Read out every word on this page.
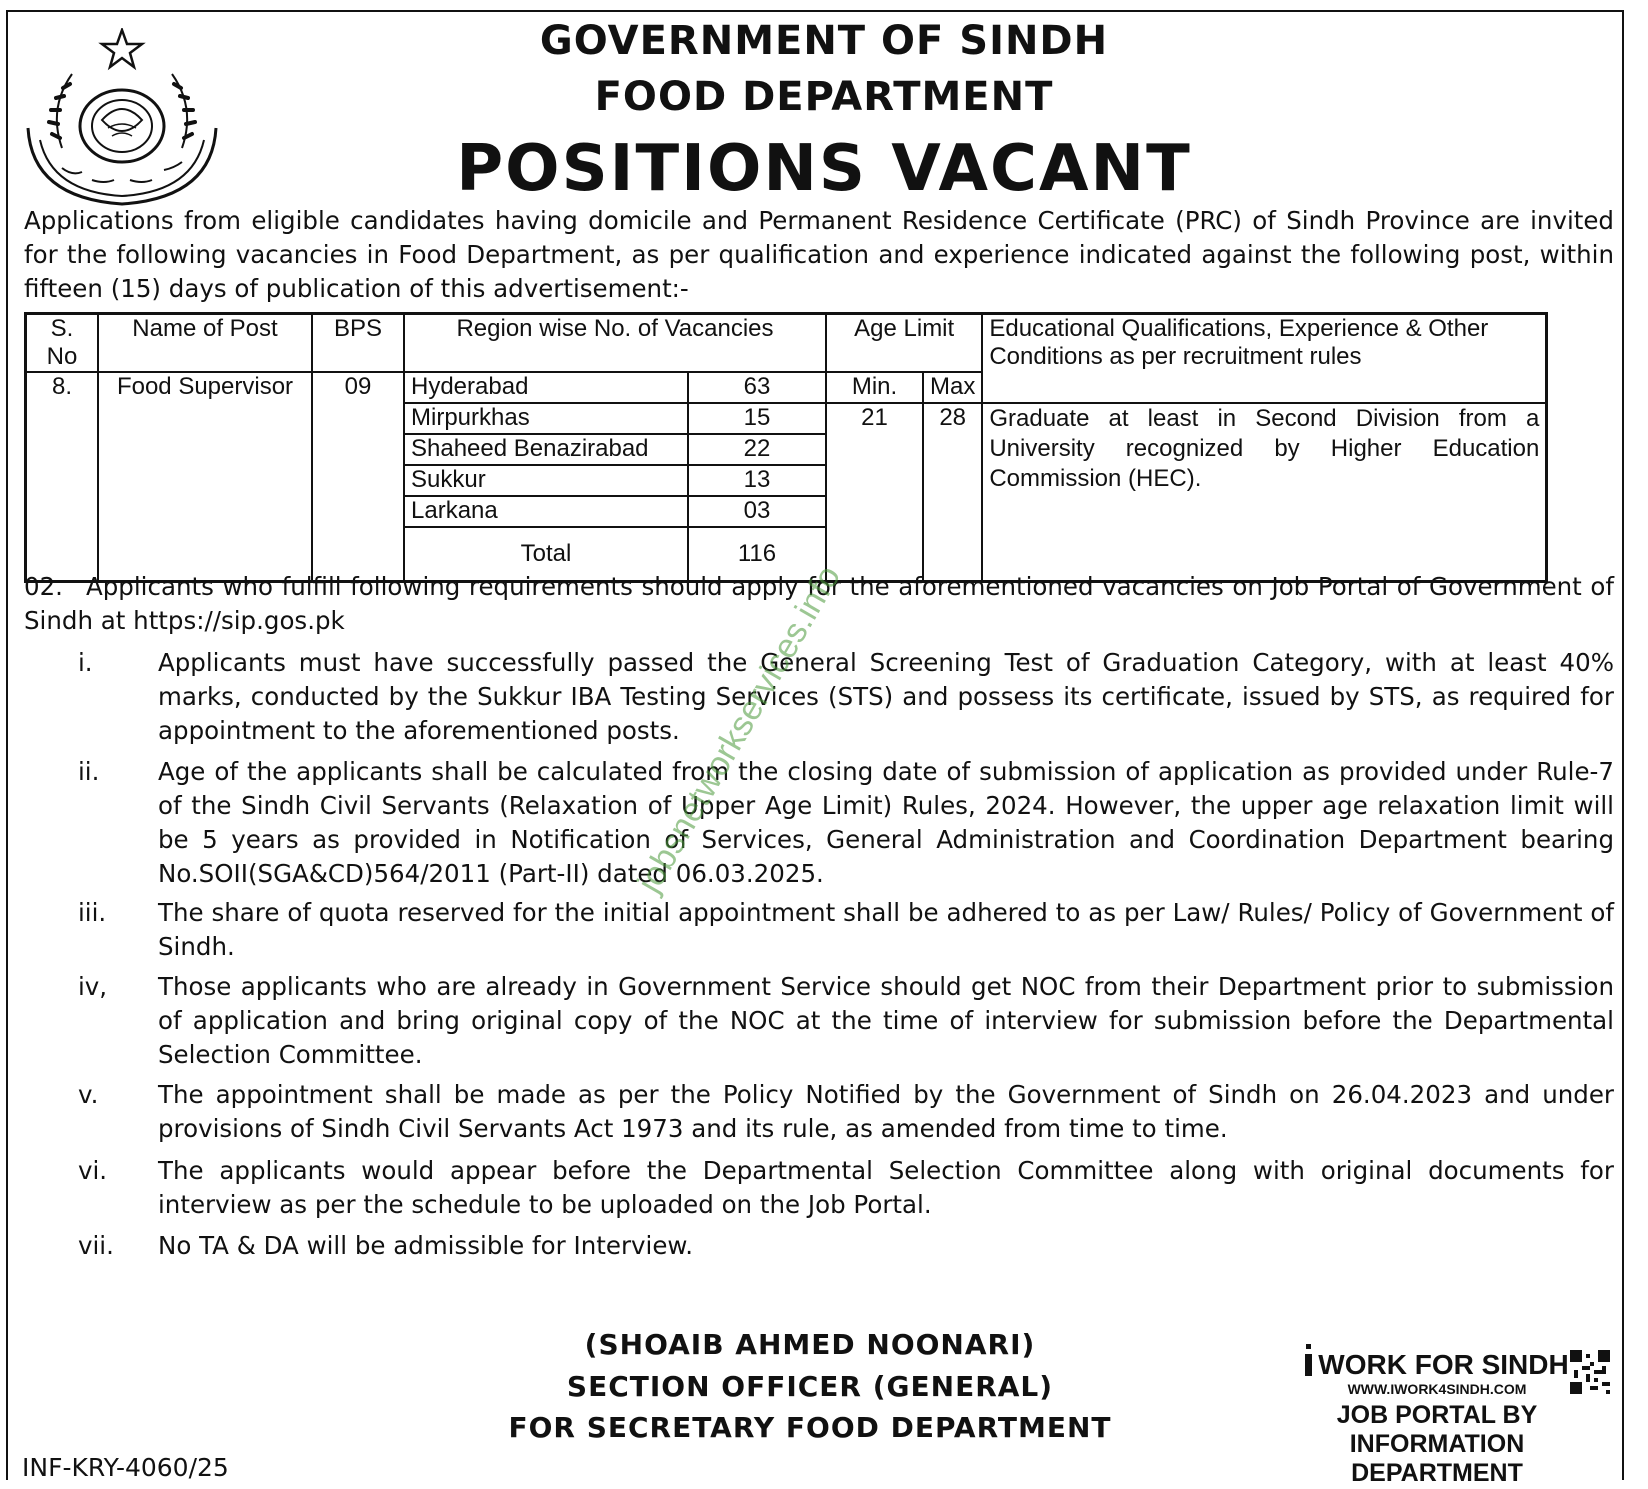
GOVERNMENT OF SINDH
FOOD DEPARTMENT
POSITIONS VACANT
Applications from eligible candidates having domicile and Permanent Residence Certificate (PRC) of Sindh Province are invited for the following vacancies in Food Department, as per qualification and experience indicated against the following post, within fifteen (15) days of publication of this advertisement:-
S. No	Name of Post	BPS	Region wise No. of Vacancies		Age Limit		Educational Qualifications, Experience & Other Conditions as per recruitment rules
8.	Food Supervisor	09	Hyderabad	63	Min.	Max	
			Mirpurkhas	15	21	28	Graduate at least in Second Division from a University recognized by Higher Education Commission (HEC).
			Shaheed Benazirabad	22			
			Sukkur	13			
			Larkana	03			
			Total	116			
02. Applicants who fulfill following requirements should apply for the aforementioned vacancies on Job Portal of Government of Sindh at https://sip.gos.pk
i.	Applicants must have successfully passed the General Screening Test of Graduation Category, with at least 40% marks, conducted by the Sukkur IBA Testing Services (STS) and possess its certificate, issued by STS, as required for appointment to the aforementioned posts.
ii. Age of the applicants shall be calculated from the closing date of submission of application as provided under Rule-7 of the Sindh Civil Servants (Relaxation of Upper Age Limit) Rules, 2024. However, the upper age relaxation limit will be 5 years as provided in Notification of Services, General Administration and Coordination Department bearing No.SOII(SGA&CD)564/2011 (Part-II) dated 06.03.2025.
iii. The share of quota reserved for the initial appointment shall be adhered to as per Law/ Rules/ Policy of Government of Sindh.
iv, Those applicants who are already in Government Service should get NOC from their Department prior to submission of application and bring original copy of the NOC at the time of interview for submission before the Departmental Selection Committee.
v. The appointment shall be made as per the Policy Notified by the Government of Sindh on 26.04.2023 and under provisions of Sindh Civil Servants Act 1973 and its rule, as amended from time to time.
vi. The applicants would appear before the Departmental Selection Committee along with original documents for interview as per the schedule to be uploaded on the Job Portal.
vii. No TA & DA will be admissible for Interview.
jobsnetworkservices.info
(SHOAIB AHMED NOONARI)
SECTION OFFICER (GENERAL)
FOR SECRETARY FOOD DEPARTMENT
INF-KRY-4060/25
WORK FOR SINDH
WWW.IWORK4SINDH.COM
JOB PORTAL BY
INFORMATION DEPARTMENT
